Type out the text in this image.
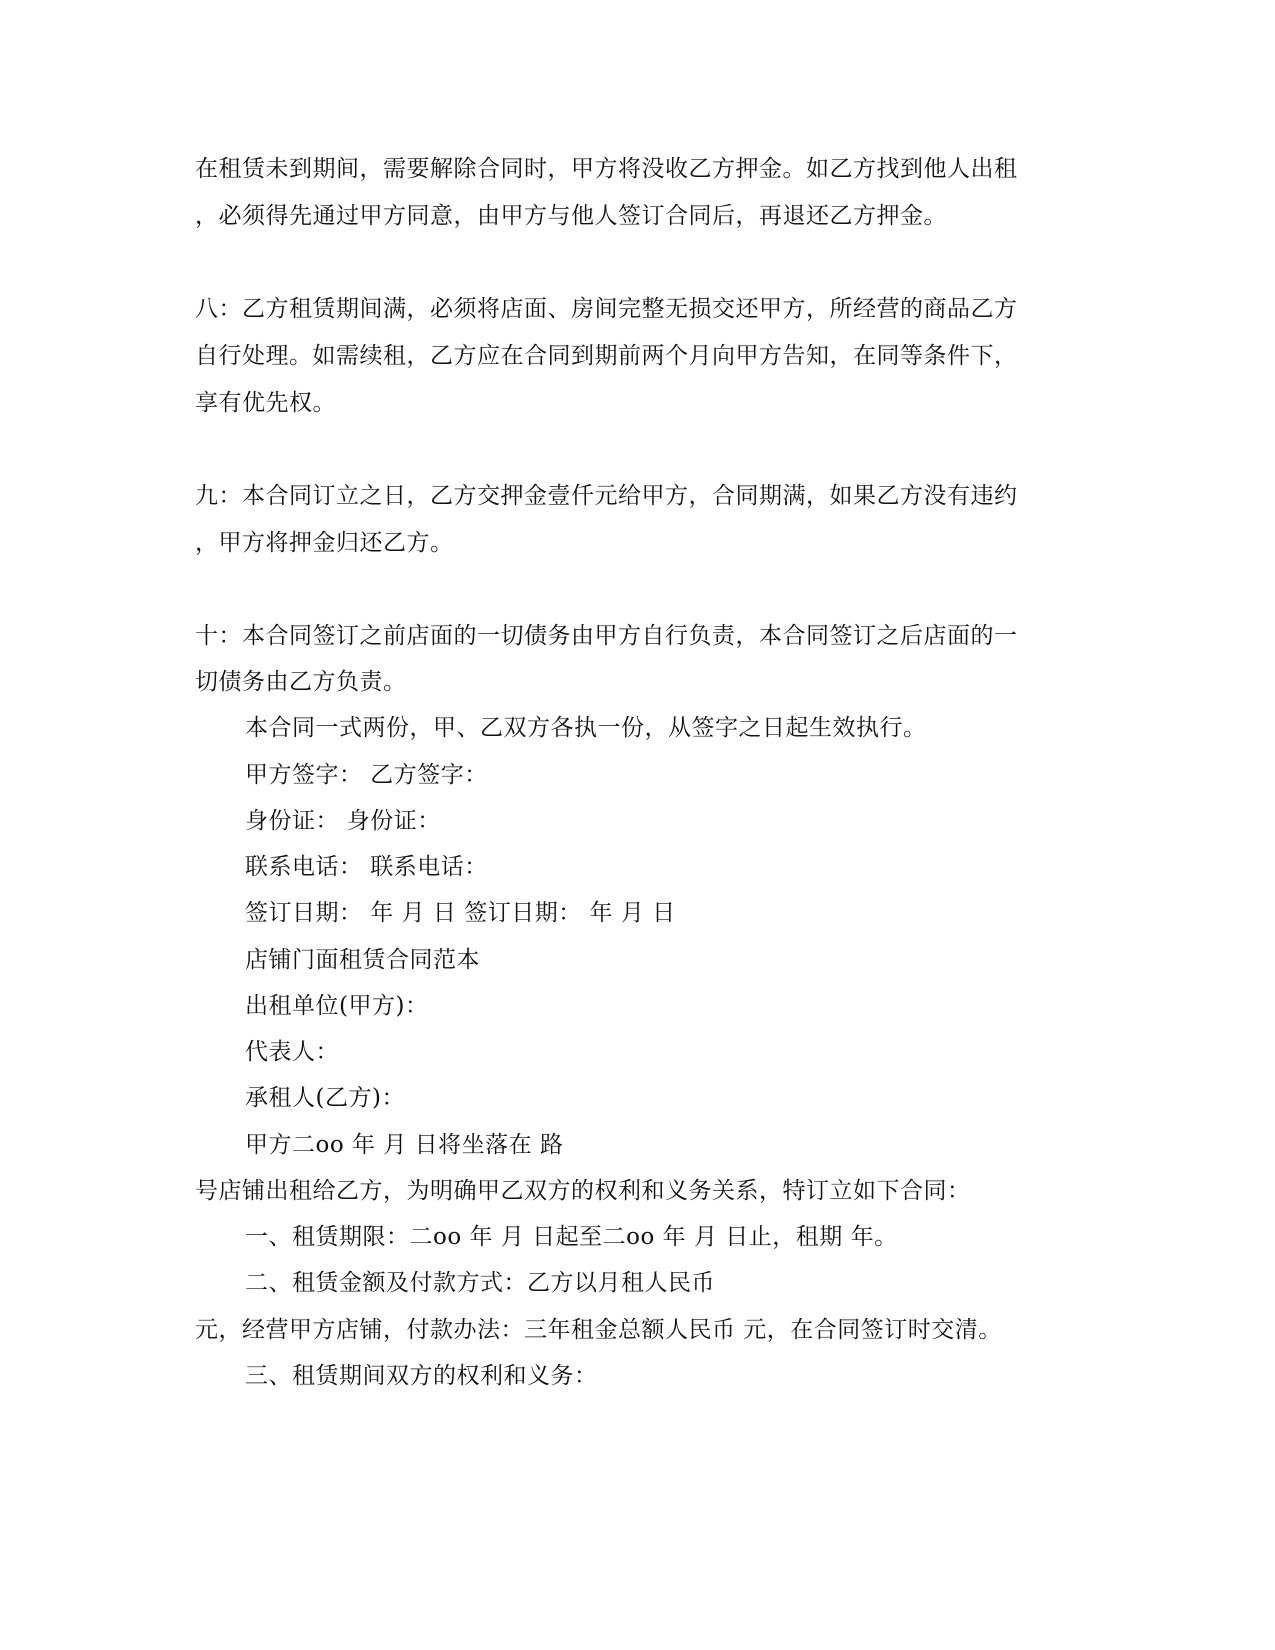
在租赁未到期间，需要解除合同时，甲方将没收乙方押金。如乙方找到他人出租
，必须得先通过甲方同意，由甲方与他人签订合同后，再退还乙方押金。
八：乙方租赁期间满，必须将店面、房间完整无损交还甲方，所经营的商品乙方
自行处理。如需续租，乙方应在合同到期前两个月向甲方告知，在同等条件下，
享有优先权。
九：本合同订立之日，乙方交押金壹仟元给甲方，合同期满，如果乙方没有违约
，甲方将押金归还乙方。
十：本合同签订之前店面的一切债务由甲方自行负责，本合同签订之后店面的一
切债务由乙方负责。
本合同一式两份，甲、乙双方各执一份，从签字之日起生效执行。
甲方签字： 乙方签字：
身份证： 身份证：
联系电话： 联系电话：
签订日期： 年 月 日 签订日期： 年 月 日
店铺门面租赁合同范本
出租单位(甲方)：
代表人：
承租人(乙方)：
甲方二oo 年 月 日将坐落在 路
号店铺出租给乙方，为明确甲乙双方的权利和义务关系，特订立如下合同：
一、租赁期限：二oo 年 月 日起至二oo 年 月 日止，租期 年。
二、租赁金额及付款方式：乙方以月租人民币
元，经营甲方店铺，付款办法：三年租金总额人民币 元，在合同签订时交清。
三、租赁期间双方的权利和义务：
